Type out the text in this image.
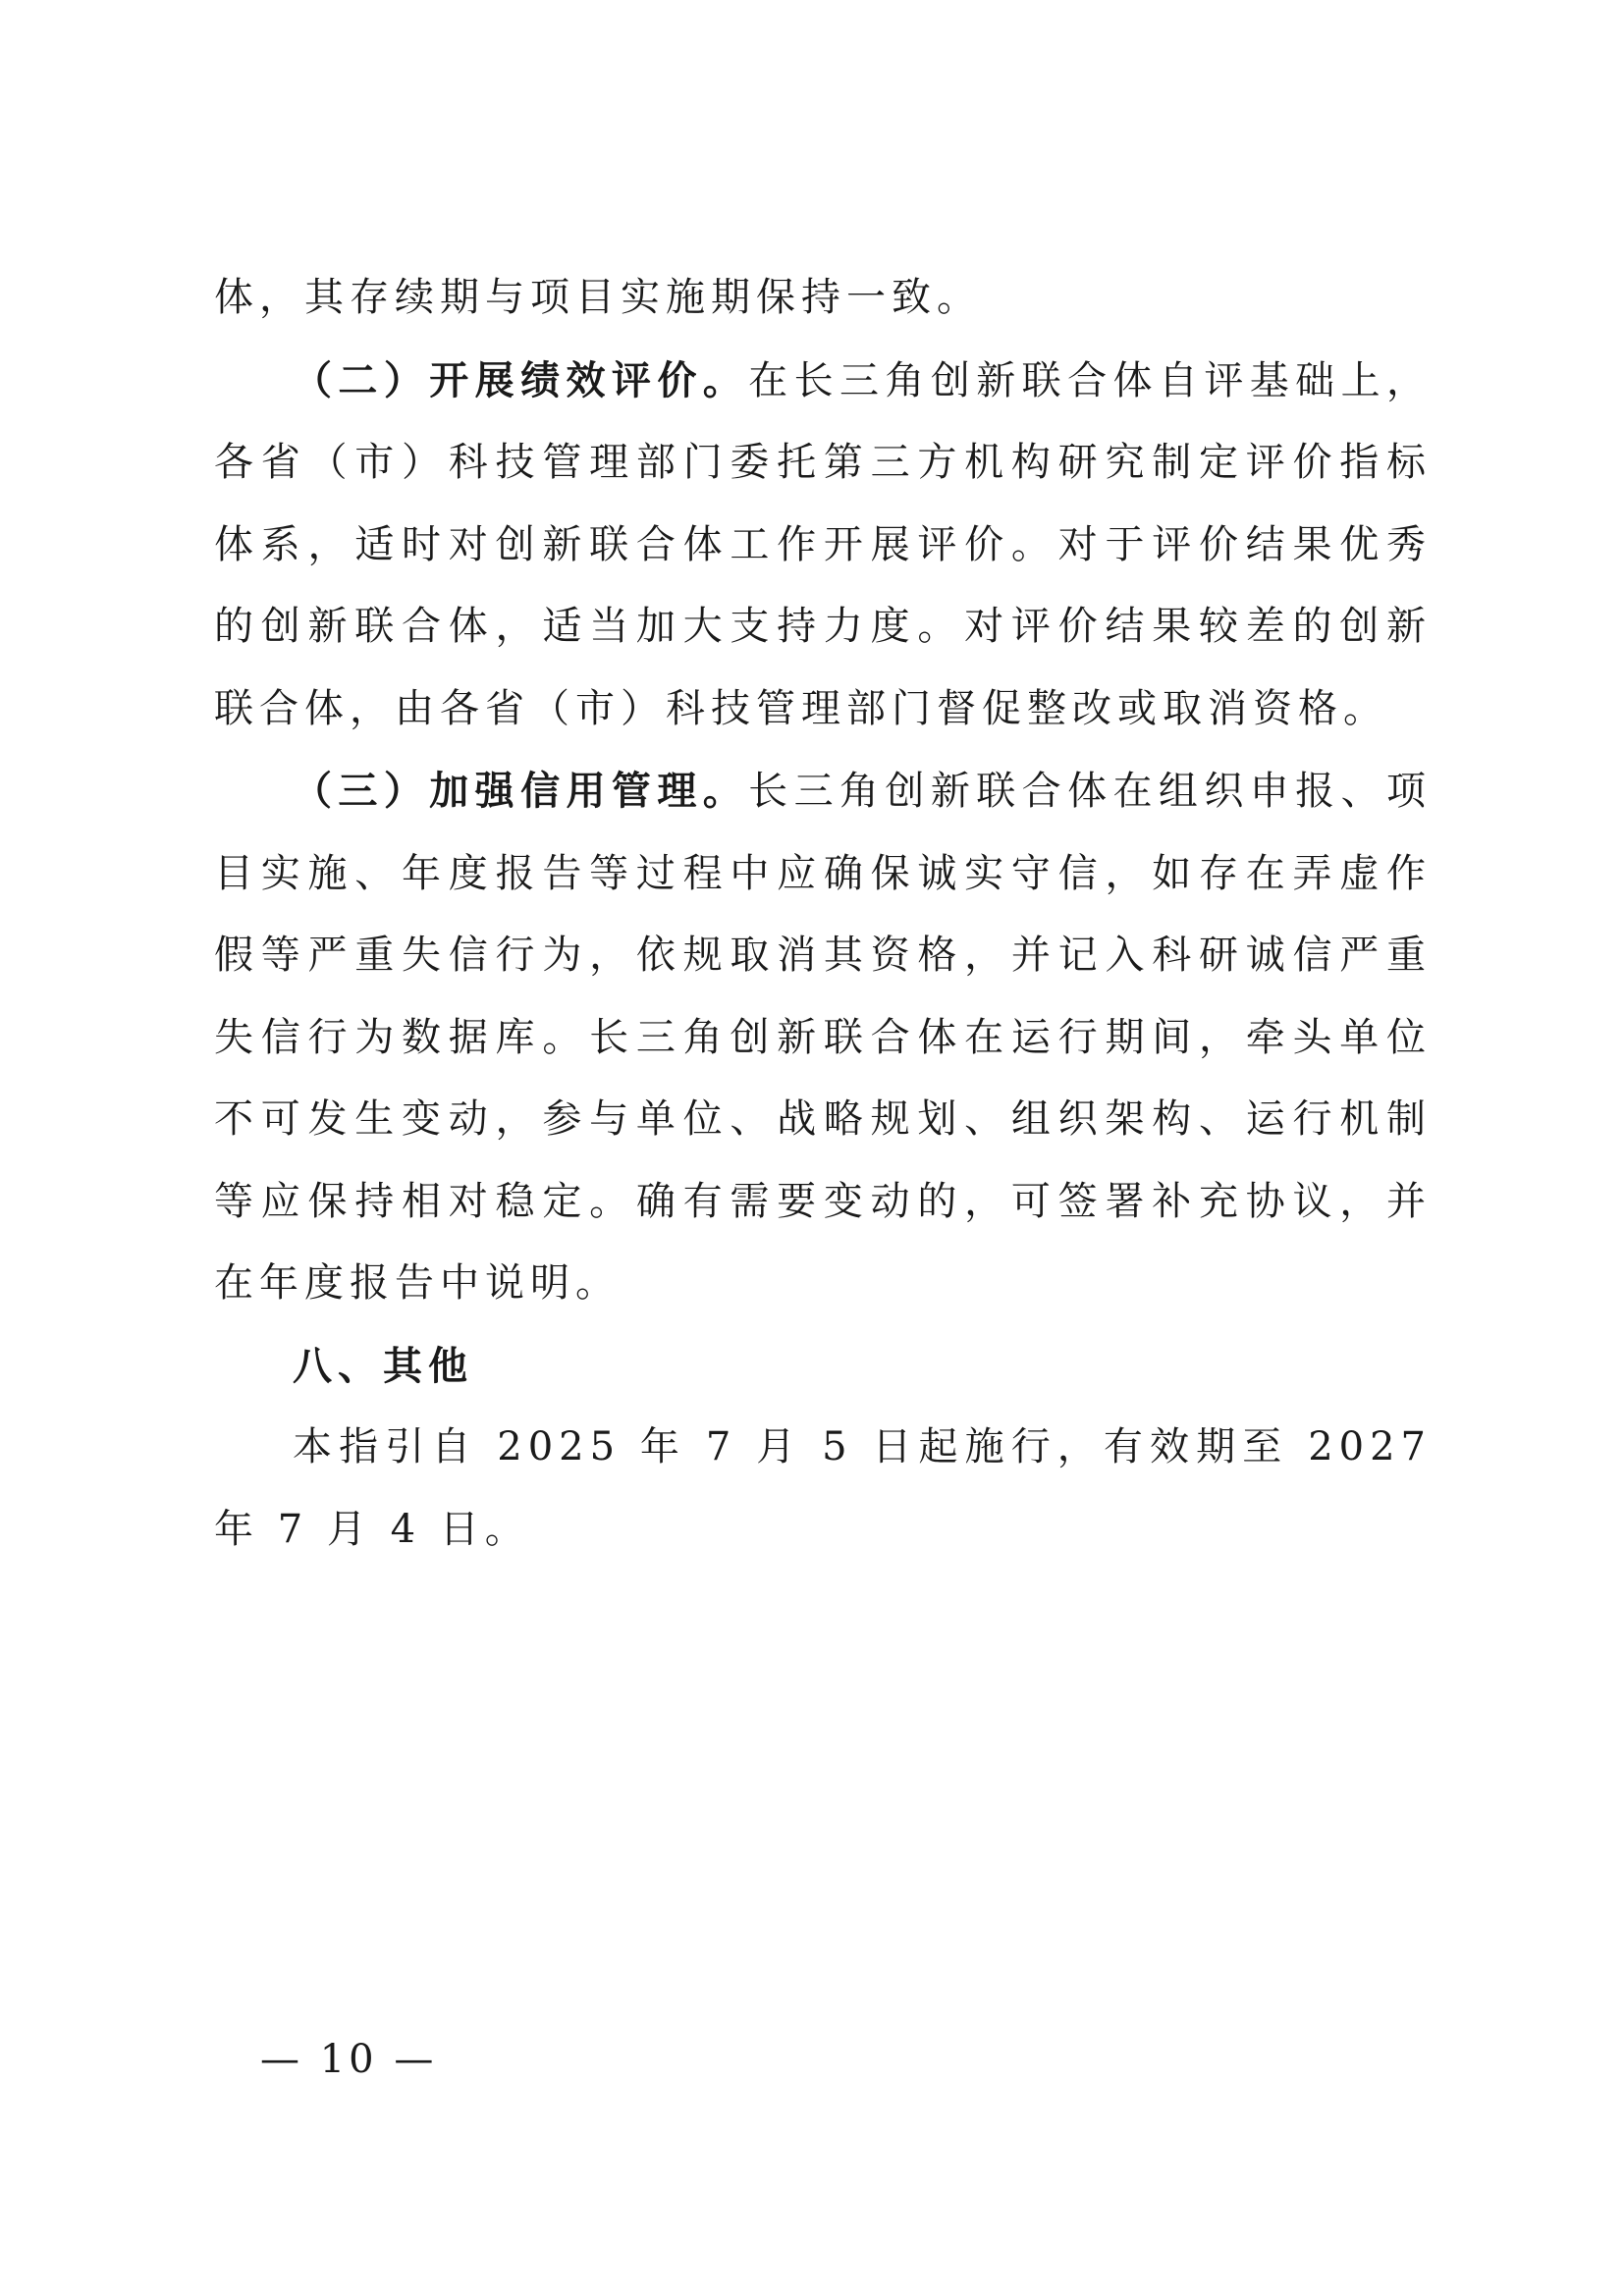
体，其存续期与项目实施期保持一致。

（二）开展绩效评价。在长三角创新联合体自评基础上，各省（市）科技管理部门委托第三方机构研究制定评价指标体系，适时对创新联合体工作开展评价。对于评价结果优秀的创新联合体，适当加大支持力度。对评价结果较差的创新联合体，由各省（市）科技管理部门督促整改或取消资格。

（三）加强信用管理。长三角创新联合体在组织申报、项目实施、年度报告等过程中应确保诚实守信，如存在弄虚作假等严重失信行为，依规取消其资格，并记入科研诚信严重失信行为数据库。长三角创新联合体在运行期间，牵头单位不可发生变动，参与单位、战略规划、组织架构、运行机制等应保持相对稳定。确有需要变动的，可签署补充协议，并在年度报告中说明。

八、其他

本指引自 2025 年 7 月 5 日起施行，有效期至 2027 年 7 月 4 日。

— 10 —
